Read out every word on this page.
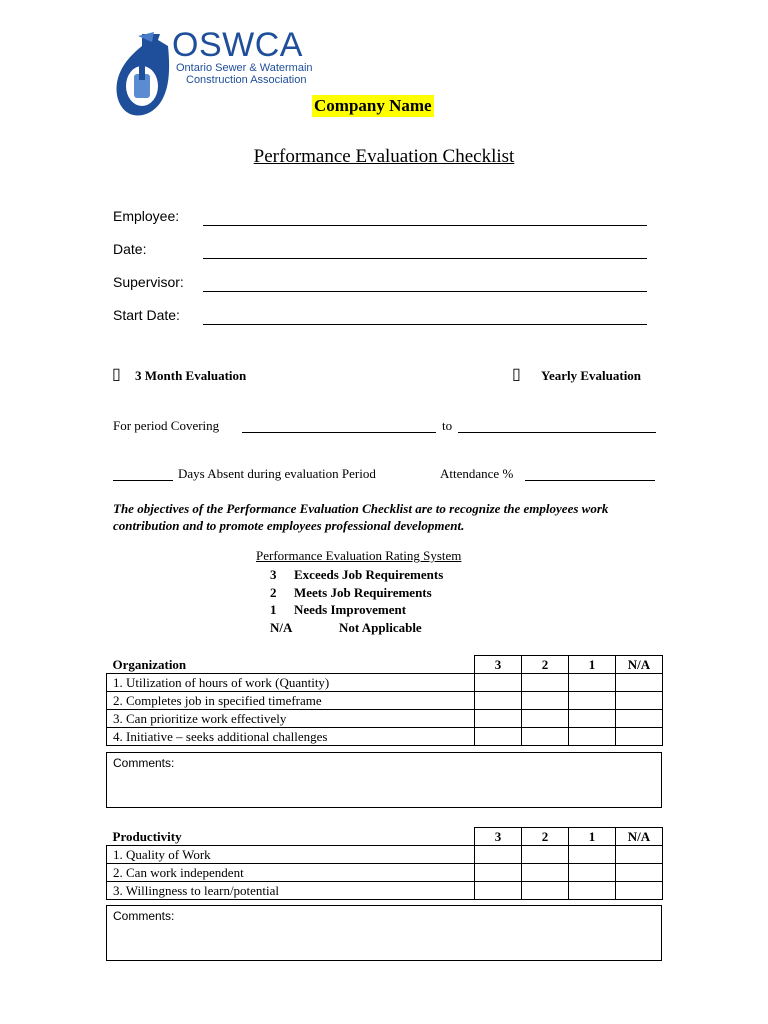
OSWCA
Ontario Sewer & Watermain
Construction Association
Company Name
Performance Evaluation Checklist
Employee:
Date:
Supervisor:
Start Date:
▯ 3 Month Evaluation	▯ Yearly Evaluation
For period Covering	to
Days Absent during evaluation Period	Attendance %
The objectives of the Performance Evaluation Checklist are to recognize the employees work contribution and to promote employees professional development.
Performance Evaluation Rating System
3 Exceeds Job Requirements
2 Meets Job Requirements
1 Needs Improvement
N/A	Not Applicable
Organization	3	2	1	N/A
1. Utilization of hours of work (Quantity)				
2. Completes job in specified timeframe				
3. Can prioritize work effectively				
4. Initiative – seeks additional challenges				
Comments:
Productivity	3	2	1	N/A
1. Quality of Work				
2. Can work independent				
3. Willingness to learn/potential				
Comments:
